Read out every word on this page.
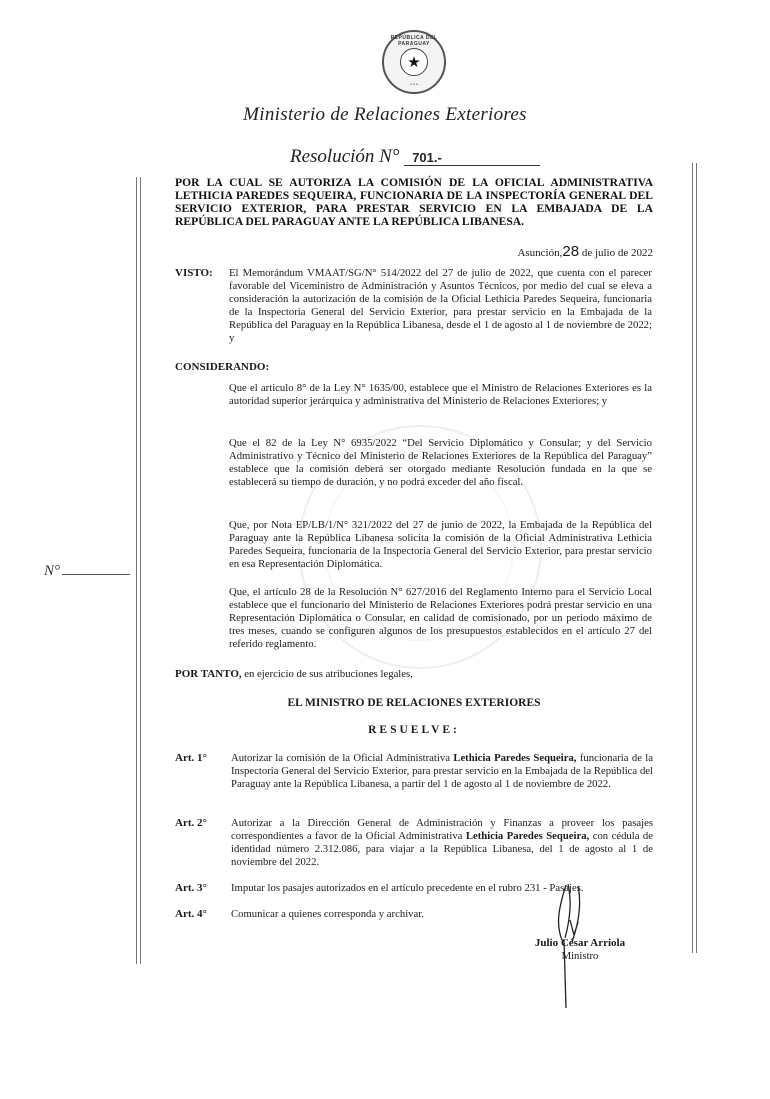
REPÚBLICA DEL PARAGUAY
★
• • •
Ministerio de Relaciones Exteriores
Resolución N° 701.-
N°
POR LA CUAL SE AUTORIZA LA COMISIÓN DE LA OFICIAL ADMINISTRATIVA LETHICIA PAREDES SEQUEIRA, FUNCIONARIA DE LA INSPECTORÍA GENERAL DEL SERVICIO EXTERIOR, PARA PRESTAR SERVICIO EN LA EMBAJADA DE LA REPÚBLICA DEL PARAGUAY ANTE LA REPÚBLICA LIBANESA.
Asunción,28 de julio de 2022
VISTO: El Memorándum VMAAT/SG/N° 514/2022 del 27 de julio de 2022, que cuenta con el parecer favorable del Viceministro de Administración y Asuntos Técnicos, por medio del cual se eleva a consideración la autorización de la comisión de la Oficial Lethicia Paredes Sequeira, funcionaria de la Inspectoria General del Servicio Exterior, para prestar servicio en la Embajada de la República del Paraguay en la República Libanesa, desde el 1 de agosto al 1 de noviembre de 2022; y
CONSIDERANDO:
Que el articulo 8° de la Ley N° 1635/00, establece que el Ministro de Relaciones Exteriores es la autoridad superior jerárquica y administrativa del Ministerio de Relaciones Exteriores; y
Que el 82 de la Ley N° 6935/2022 “Del Servicio Diplomático y Consular; y del Servicio Administrativo y Técnico del Ministerio de Relaciones Exteriores de la República del Paraguay” establece que la comisión deberá ser otorgado mediante Resolución fundada en la que se establecerá su tiempo de duración, y no podrá exceder del año fiscal.
Que, por Nota EP/LB/1/N° 321/2022 del 27 de junio de 2022, la Embajada de la República del Paraguay ante la República Libanesa solicita la comisión de la Oficial Administrativa Lethicia Paredes Sequeira, funcionaria de la Inspectoria General del Servicio Exterior, para prestar servicio en esa Representación Diplomática.
Que, el artículo 28 de la Resolución N° 627/2016 del Reglamento Interno para el Servicio Local establece que el funcionario del Ministerio de Relaciones Exteriores podrá prestar servicio en una Representación Diplomática o Consular, en calidad de comisionado, por un periodo máximo de tres meses, cuando se configuren algunos de los presupuestos establecidos en el artículo 27 del referido reglamento.
POR TANTO, en ejercicio de sus atribuciones legales,
EL MINISTRO DE RELACIONES EXTERIORES
RESUELVE:
Art. 1° Autorizar la comisión de la Oficial Administrativa Lethicia Paredes Sequeira, funcionaria de la Inspectoria General del Servicio Exterior, para prestar servicio en la Embajada de la República del Paraguay ante la República Libanesa, a partir del 1 de agosto al 1 de noviembre de 2022.
Art. 2° Autorizar a la Dirección General de Administración y Finanzas a proveer los pasajes correspondientes a favor de la Oficial Administrativa Lethicia Paredes Sequeira, con cédula de identidad número 2.312.086, para viajar a la República Libanesa, del 1 de agosto al 1 de noviembre del 2022.
Art. 3° Imputar los pasajes autorizados en el artículo precedente en el rubro 231 - Pasajes.
Art. 4° Comunicar a quienes corresponda y archivar.
Julio César Arriola
Ministro
